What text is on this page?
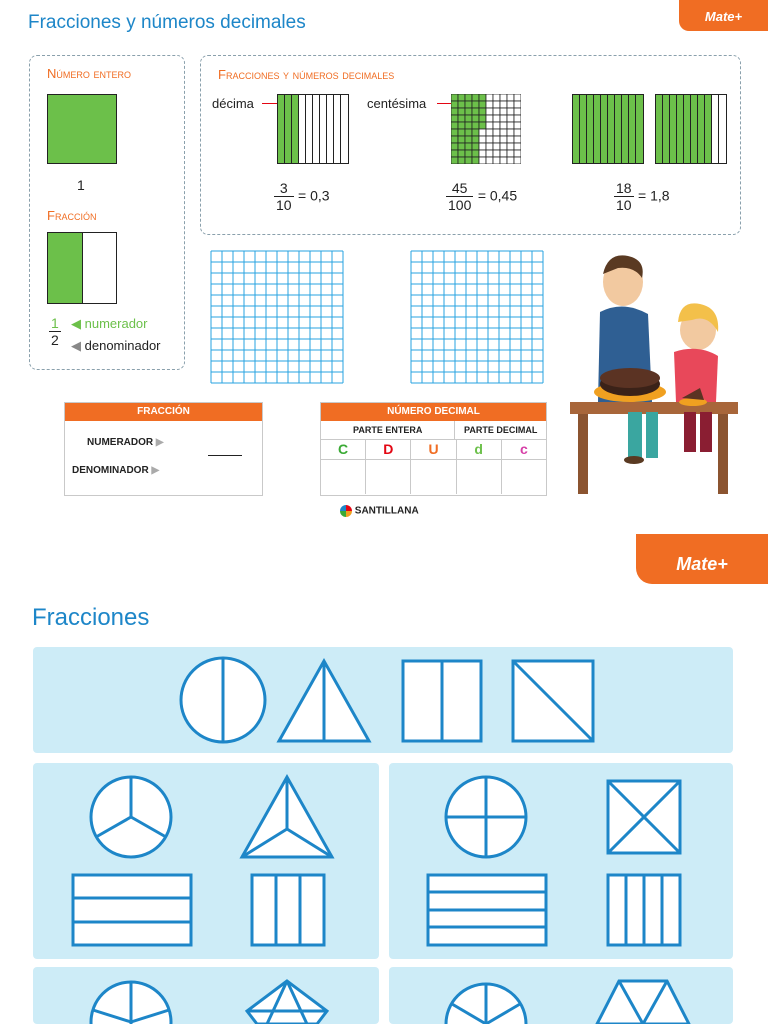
Fracciones y números decimales	Mate+
Número entero
1
Fracción
$\frac{1}{2}$ ◀ numerador
◀ denominador
Fracciones y números decimales
décima	centésima
$\frac{3}{10} = 0,3$	$\frac{45}{100} = 0,45$	$\frac{18}{10} = 1,8$
FRACCIÓN
NUMERADOR ▶
DENOMINADOR ▶
NÚMERO DECIMAL
PARTE ENTERA	PARTE DECIMAL
C	D	U	d	c
SANTILLANA
Mate+
Fracciones
